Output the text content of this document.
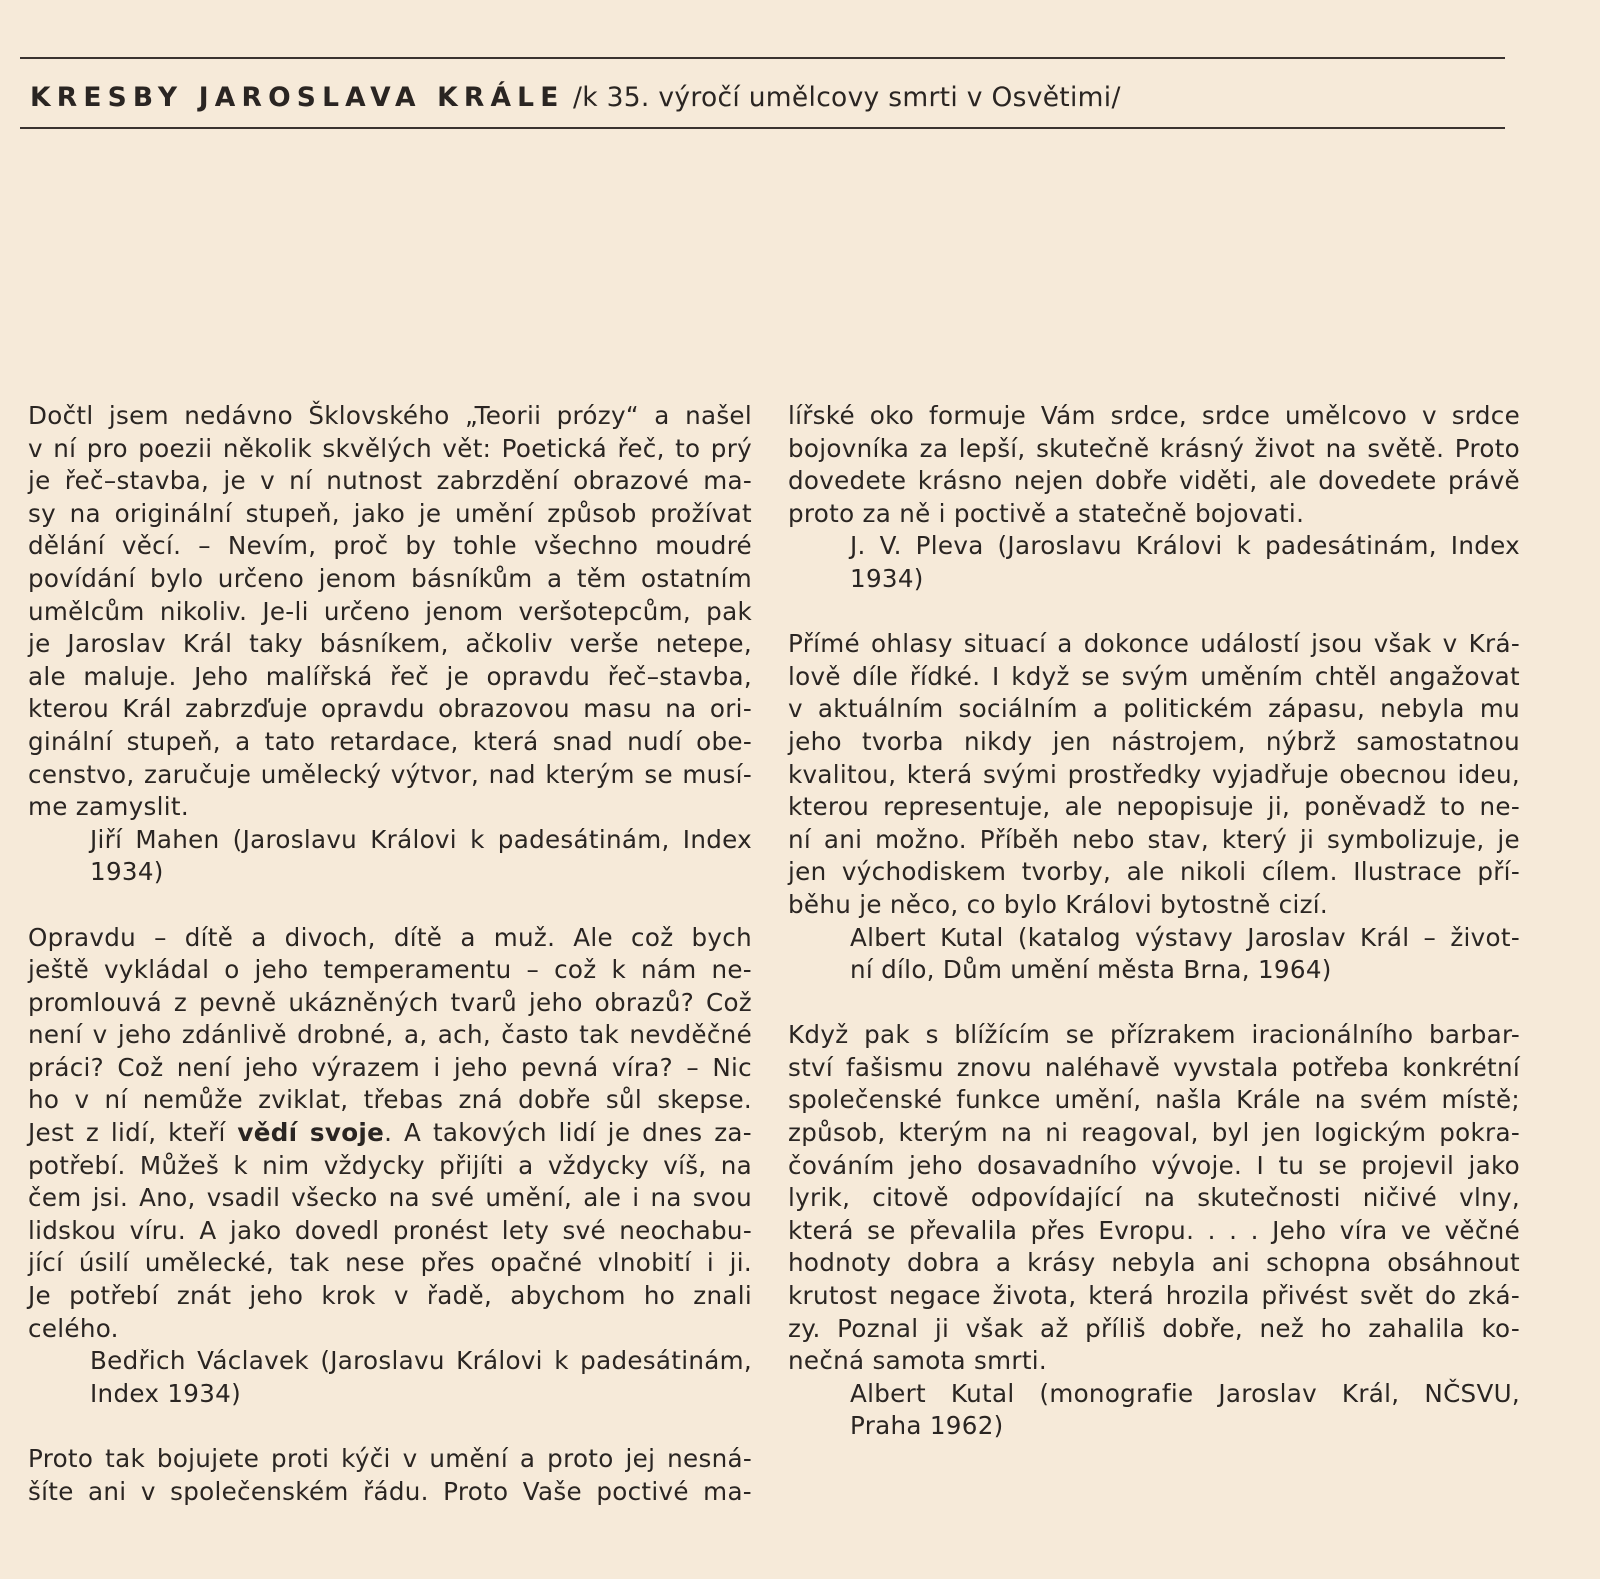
KRESBY JAROSLAVA KRÁLE /k 35. výročí umělcovy smrti v Osvětimi/
Dočtl jsem nedávno Šklovského „Teorii prózy“ a našel
v ní pro poezii několik skvělých vět: Poetická řeč, to prý
je řeč–stavba, je v ní nutnost zabrzdění obrazové ma-
sy na originální stupeň, jako je umění způsob prožívat
dělání věcí. – Nevím, proč by tohle všechno moudré
povídání bylo určeno jenom básníkům a těm ostatním
umělcům nikoliv. Je-li určeno jenom veršotepcům, pak
je Jaroslav Král taky básníkem, ačkoliv verše netepe,
ale maluje. Jeho malířská řeč je opravdu řeč–stavba,
kterou Král zabrzďuje opravdu obrazovou masu na ori-
ginální stupeň, a tato retardace, která snad nudí obe-
censtvo, zaručuje umělecký výtvor, nad kterým se musí-
me zamyslit.
Jiří Mahen (Jaroslavu Královi k padesátinám, Index
1934)
Opravdu – dítě a divoch, dítě a muž. Ale což bych
ještě vykládal o jeho temperamentu – což k nám ne-
promlouvá z pevně ukázněných tvarů jeho obrazů? Což
není v jeho zdánlivě drobné, a, ach, často tak nevděčné
práci? Což není jeho výrazem i jeho pevná víra? – Nic
ho v ní nemůže zviklat, třebas zná dobře sůl skepse.
Jest z lidí, kteří vědí svoje. A takových lidí je dnes za-
potřebí. Můžeš k nim vždycky přijíti a vždycky víš, na
čem jsi. Ano, vsadil všecko na své umění, ale i na svou
lidskou víru. A jako dovedl pronést lety své neochabu-
jící úsilí umělecké, tak nese přes opačné vlnobití i ji.
Je potřebí znát jeho krok v řadě, abychom ho znali
celého.
Bedřich Václavek (Jaroslavu Královi k padesátinám,
Index 1934)
Proto tak bojujete proti kýči v umění a proto jej nesná-
šíte ani v společenském řádu. Proto Vaše poctivé ma-
lířské oko formuje Vám srdce, srdce umělcovo v srdce
bojovníka za lepší, skutečně krásný život na světě. Proto
dovedete krásno nejen dobře viděti, ale dovedete právě
proto za ně i poctivě a statečně bojovati.
J. V. Pleva (Jaroslavu Královi k padesátinám, Index
1934)
Přímé ohlasy situací a dokonce událostí jsou však v Krá-
lově díle řídké. I když se svým uměním chtěl angažovat
v aktuálním sociálním a politickém zápasu, nebyla mu
jeho tvorba nikdy jen nástrojem, nýbrž samostatnou
kvalitou, která svými prostředky vyjadřuje obecnou ideu,
kterou representuje, ale nepopisuje ji, poněvadž to ne-
ní ani možno. Příběh nebo stav, který ji symbolizuje, je
jen východiskem tvorby, ale nikoli cílem. Ilustrace pří-
běhu je něco, co bylo Královi bytostně cizí.
Albert Kutal (katalog výstavy Jaroslav Král – život-
ní dílo, Dům umění města Brna, 1964)
Když pak s blížícím se přízrakem iracionálního barbar-
ství fašismu znovu naléhavě vyvstala potřeba konkrétní
společenské funkce umění, našla Krále na svém místě;
způsob, kterým na ni reagoval, byl jen logickým pokra-
čováním jeho dosavadního vývoje. I tu se projevil jako
lyrik, citově odpovídající na skutečnosti ničivé vlny,
která se převalila přes Evropu. . . . Jeho víra ve věčné
hodnoty dobra a krásy nebyla ani schopna obsáhnout
krutost negace života, která hrozila přivést svět do zká-
zy. Poznal ji však až příliš dobře, než ho zahalila ko-
nečná samota smrti.
Albert Kutal (monografie Jaroslav Král, NČSVU,
Praha 1962)
